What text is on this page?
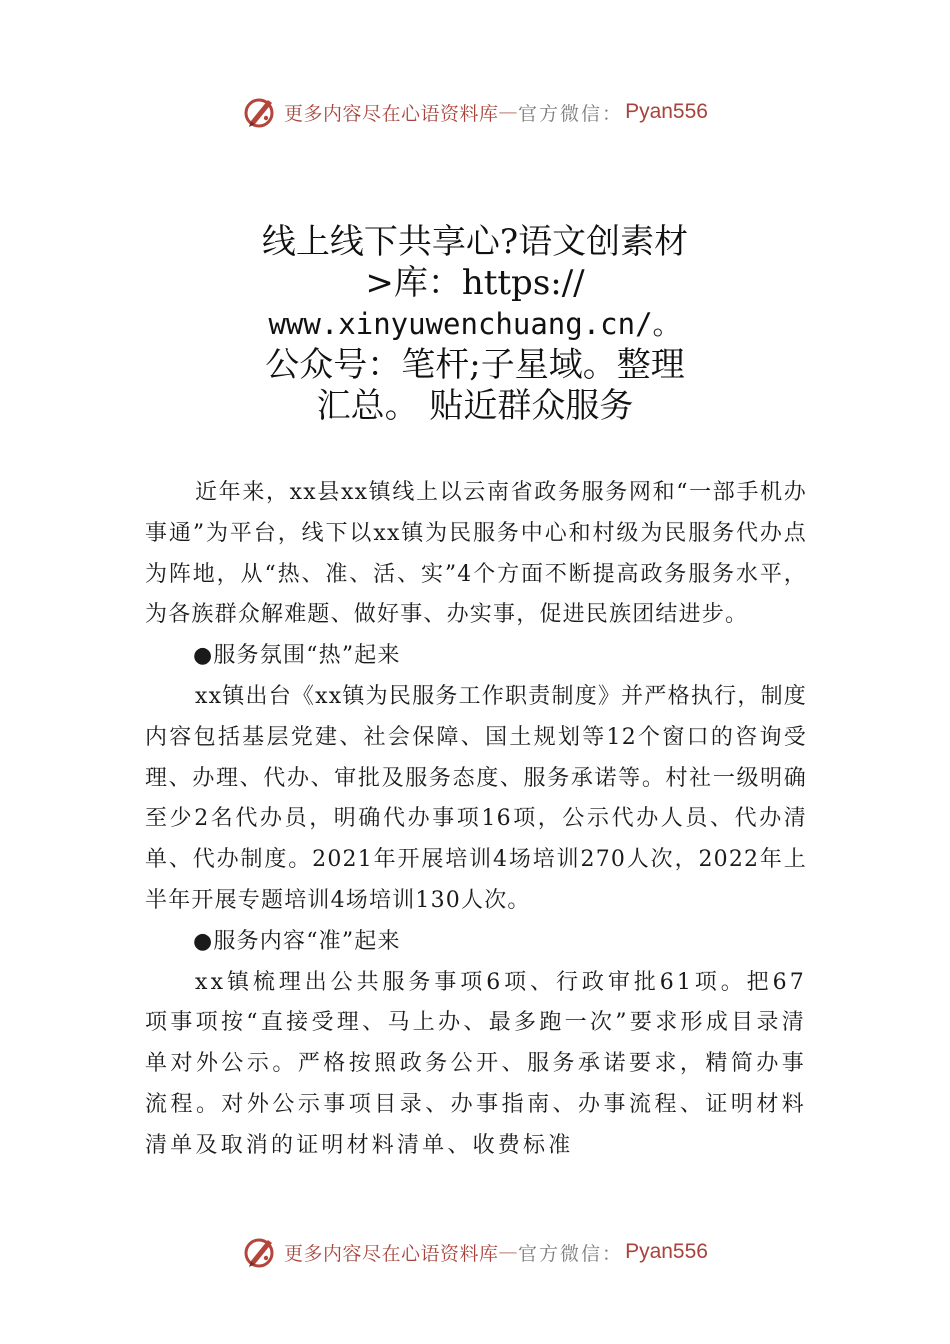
更多内容尽在心语资料库 — 官方微信： Pyan556
线上线下共享心?语文创素材
>库：https://
www.xinyuwenchuang.cn/。
公众号：笔杆;子星域。整理
汇总。 贴近群众服务

近年来，xx县xx镇线上以云南省政务服务网和“一部手机办事通”为平台，线下以xx镇为民服务中心和村级为民服务代办点为阵地，从“热、准、活、实”4个方面不断提高政务服务水平，为各族群众解难题、做好事、办实事，促进民族团结进步。

●服务氛围“热”起来

xx镇出台《xx镇为民服务工作职责制度》并严格执行，制度内容包括基层党建、社会保障、国土规划等12个窗口的咨询受理、办理、代办、审批及服务态度、服务承诺等。村社一级明确至少2名代办员，明确代办事项16项，公示代办人员、代办清单、代办制度。2021年开展培训4场培训270人次，2022年上半年开展专题培训4场培训130人次。

●服务内容“准”起来

xx镇梳理出公共服务事项6项、行政审批61项。把67项事项按“直接受理、马上办、最多跑一次”要求形成目录清单对外公示。严格按照政务公开、服务承诺要求，精简办事流程。对外公示事项目录、办事指南、办事流程、证明材料清单及取消的证明材料清单、收费标准

更多内容尽在心语资料库 — 官方微信： Pyan556
